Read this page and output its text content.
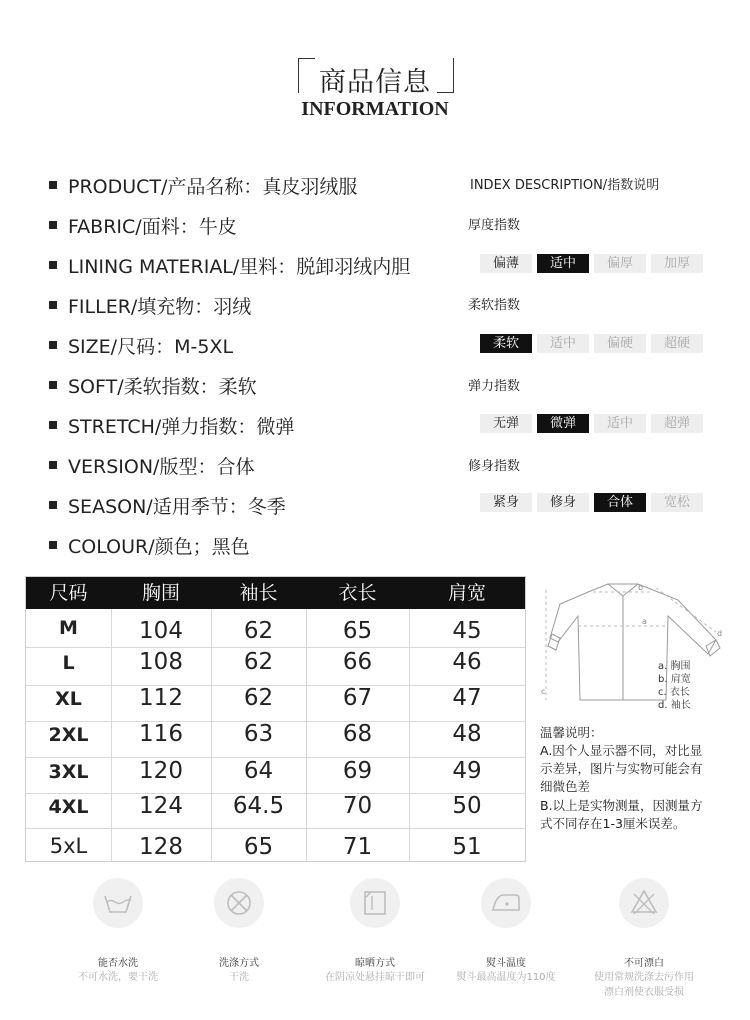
商品信息
INFORMATION
PRODUCT/产品名称：真皮羽绒服
FABRIC/面料：牛皮
LINING MATERIAL/里料：脱卸羽绒内胆
FILLER/填充物：羽绒
SIZE/尺码：M-5XL
SOFT/柔软指数：柔软
STRETCH/弹力指数：微弹
VERSION/版型：合体
SEASON/适用季节：冬季
COLOUR/颜色；黑色
INDEX DESCRIPTION/指数说明
厚度指数
偏薄	适中	偏厚	加厚
柔软指数
柔软	适中	偏硬	超硬
弹力指数
无弹	微弹	适中	超弹
修身指数
紧身	修身	合体	宽松
尺码	胸围	袖长	衣长	肩宽
M	104	62	65	45
L	108	62	66	46
XL	112	62	67	47
2XL	116	63	68	48
3XL	120	64	69	49
4XL	124	64.5	70	50
5xL	128	65	71	51
a
b
c
d
a. 胸围
b. 肩宽
c. 衣长
d. 袖长
温馨说明：
A.因个人显示器不同，对比显
示差异，图片与实物可能会有
细微色差
B.以上是实物测量，因测量方
式不同存在1-3厘米误差。
能否水洗
不可水洗，要干洗
洗涤方式
干洗
晾晒方式
在阴凉处悬挂晾干即可
熨斗温度
熨斗最高温度为110度
不可漂白
使用常规洗涤去污作用
漂白剂使衣服受损
